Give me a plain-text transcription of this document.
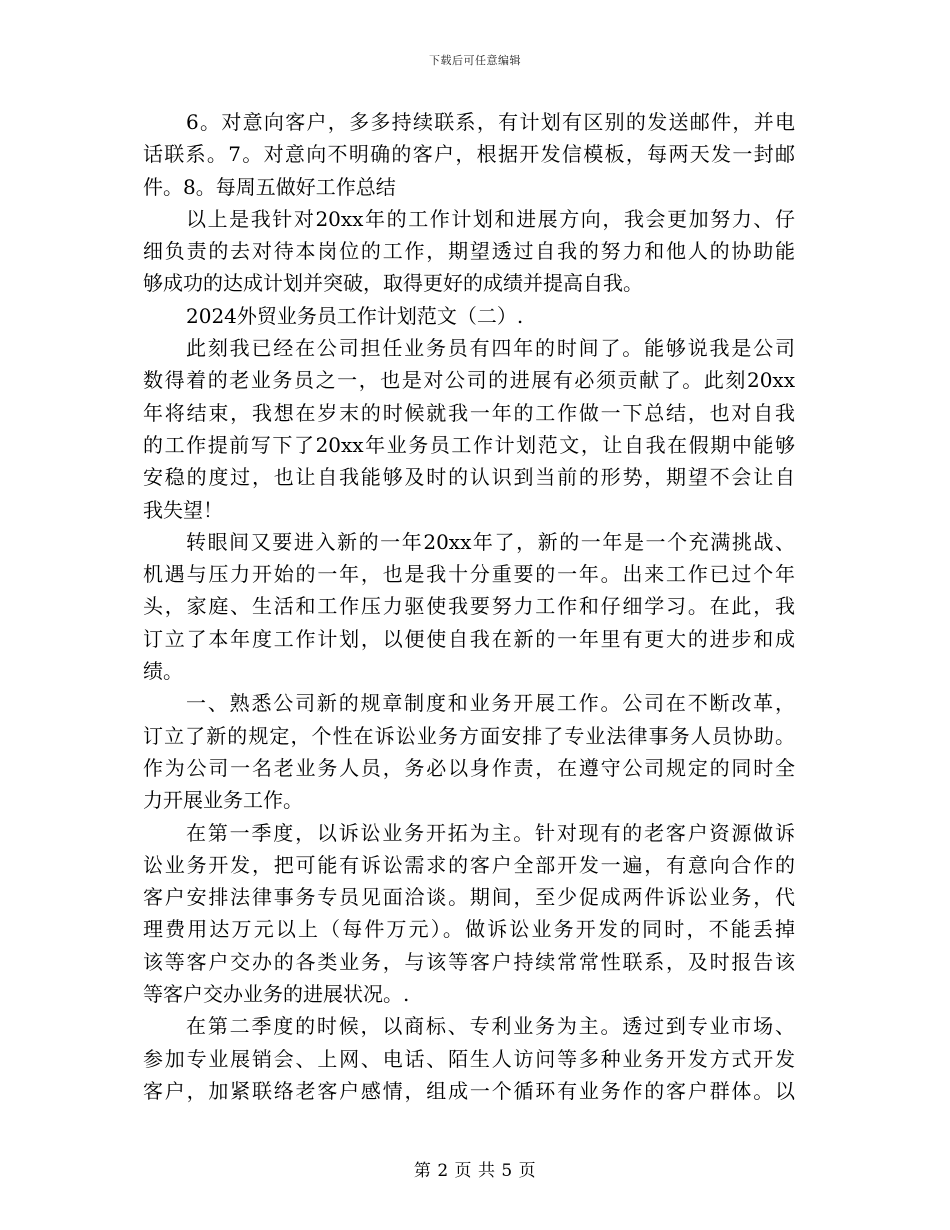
下载后可任意编辑
6。对意向客户，多多持续联系，有计划有区别的发送邮件，并电
话联系。7。对意向不明确的客户，根据开发信模板，每两天发一封邮
件。8。每周五做好工作总结
以上是我针对20xx年的工作计划和进展方向，我会更加努力、仔
细负责的去对待本岗位的工作，期望透过自我的努力和他人的协助能
够成功的达成计划并突破，取得更好的成绩并提高自我。
2024外贸业务员工作计划范文（二）.
此刻我已经在公司担任业务员有四年的时间了。能够说我是公司
数得着的老业务员之一，也是对公司的进展有必须贡献了。此刻20xx
年将结束，我想在岁末的时候就我一年的工作做一下总结，也对自我
的工作提前写下了20xx年业务员工作计划范文，让自我在假期中能够
安稳的度过，也让自我能够及时的认识到当前的形势，期望不会让自
我失望！
转眼间又要进入新的一年20xx年了，新的一年是一个充满挑战、
机遇与压力开始的一年，也是我十分重要的一年。出来工作已过个年
头，家庭、生活和工作压力驱使我要努力工作和仔细学习。在此，我
订立了本年度工作计划，以便使自我在新的一年里有更大的进步和成
绩。
一、熟悉公司新的规章制度和业务开展工作。公司在不断改革，
订立了新的规定，个性在诉讼业务方面安排了专业法律事务人员协助。
作为公司一名老业务人员，务必以身作责，在遵守公司规定的同时全
力开展业务工作。
在第一季度，以诉讼业务开拓为主。针对现有的老客户资源做诉
讼业务开发，把可能有诉讼需求的客户全部开发一遍，有意向合作的
客户安排法律事务专员见面洽谈。期间，至少促成两件诉讼业务，代
理费用达万元以上（每件万元）。做诉讼业务开发的同时，不能丢掉
该等客户交办的各类业务，与该等客户持续常常性联系，及时报告该
等客户交办业务的进展状况。.
在第二季度的时候，以商标、专利业务为主。透过到专业市场、
参加专业展销会、上网、电话、陌生人访问等多种业务开发方式开发
客户，加紧联络老客户感情，组成一个循环有业务作的客户群体。以
第 2 页 共 5 页
